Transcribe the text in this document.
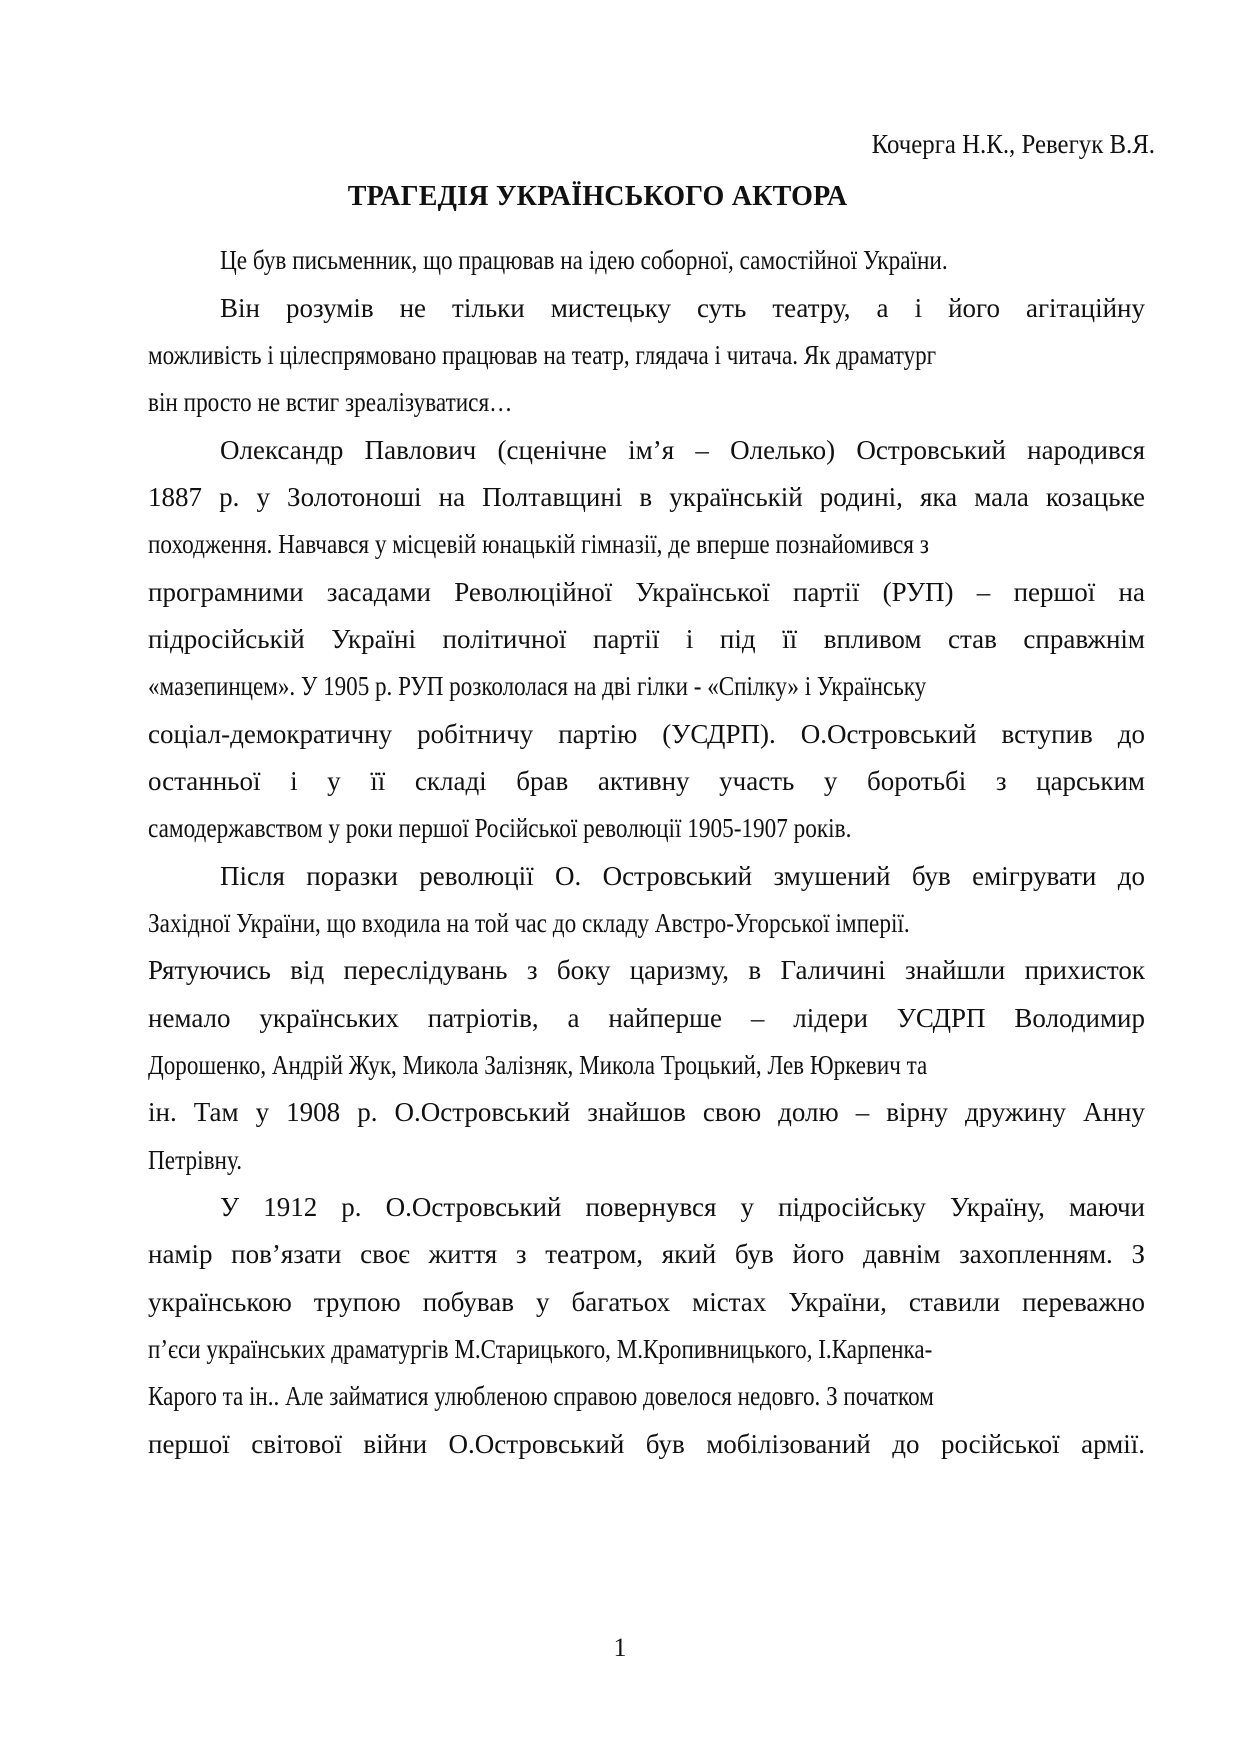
Кочерга Н.К., Ревегук В.Я.
ТРАГЕДІЯ УКРАЇНСЬКОГО АКТОРА
Це був письменник, що працював на ідею соборної, самостійної України.
Він розумів не тільки мистецьку суть театру, а і його агітаційну
можливість і цілеспрямовано працював на театр, глядача і читача. Як драматург
він просто не встиг зреалізуватися…
Олександр Павлович (сценічне ім’я – Олелько) Островський народився
1887 р. у Золотоноші на Полтавщині в українській родині, яка мала козацьке
походження. Навчався у місцевій юнацькій гімназії, де вперше познайомився з
програмними засадами Революційної Української партії (РУП) – першої на
підросійській Україні політичної партії і під її впливом став справжнім
«мазепинцем». У 1905 р. РУП розкололася на дві гілки - «Спілку» і Українську
соціал-демократичну робітничу партію (УСДРП). О.Островський вступив до
останньої і у її складі брав активну участь у боротьбі з царським
самодержавством у роки першої Російської революції 1905-1907 років.
Після поразки революції О. Островський змушений був емігрувати до
Західної України, що входила на той час до складу Австро-Угорської імперії.
Рятуючись від переслідувань з боку царизму, в Галичині знайшли прихисток
немало українських патріотів, а найперше – лідери УСДРП Володимир
Дорошенко, Андрій Жук, Микола Залізняк, Микола Троцький, Лев Юркевич та
ін. Там у 1908 р. О.Островський знайшов свою долю – вірну дружину Анну
Петрівну.
У 1912 р. О.Островський повернувся у підросійську Україну, маючи
намір пов’язати своє життя з театром, який був його давнім захопленням. З
українською трупою побував у багатьох містах України, ставили переважно
п’єси українських драматургів М.Старицького, М.Кропивницького, І.Карпенка-
Карого та ін.. Але займатися улюбленою справою довелося недовго. З початком
першої світової війни О.Островський був мобілізований до російської армії.
1
